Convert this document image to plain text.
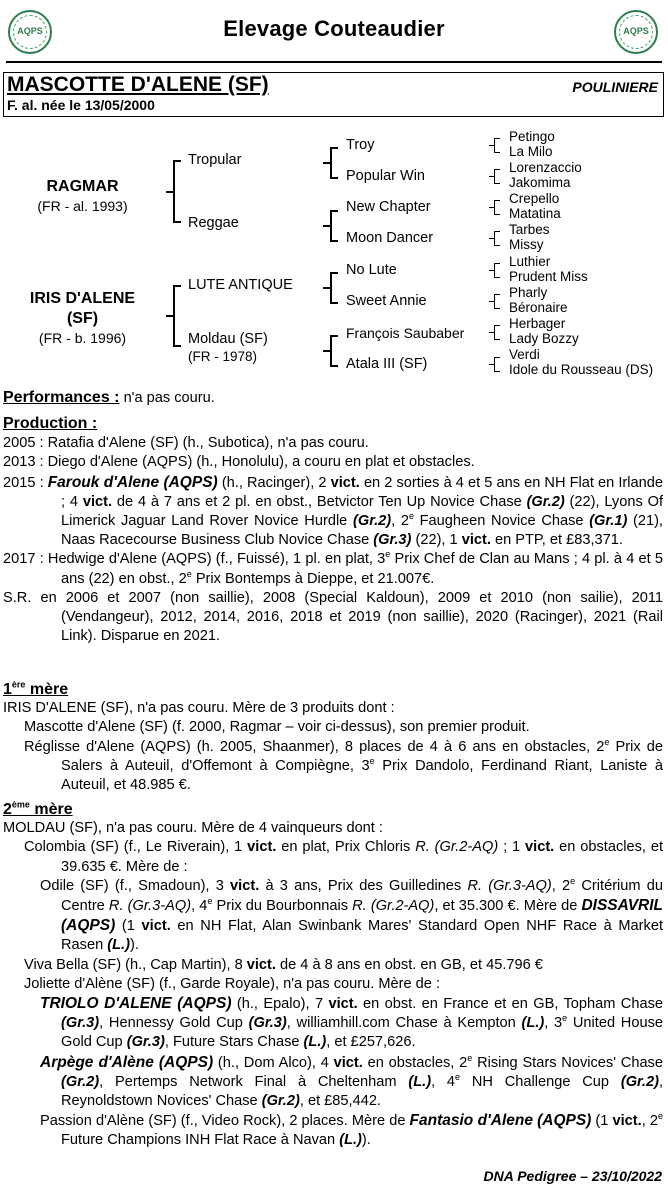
AQPS	AQPS
Elevage Couteaudier
MASCOTTE D'ALENE (SF)	POULINIERE
F. al. née le 13/05/2000
RAGMAR
(FR - al. 1993)
IRIS D'ALENE
(SF)
(FR - b. 1996)
Tropular
Reggae
LUTE ANTIQUE
Moldau (SF)
(FR - 1978)
Troy
Popular Win
New Chapter
Moon Dancer
No Lute
Sweet Annie
François Saubaber
Atala III (SF)
Petingo
La Milo
Lorenzaccio
Jakomima
Crepello
Matatina
Tarbes
Missy
Luthier
Prudent Miss
Pharly
Béronaire
Herbager
Lady Bozzy
Verdi
Idole du Rousseau (DS)
Performances : n'a pas couru.
Production :
2005 : Ratafia d'Alene (SF) (h., Subotica), n'a pas couru.
2013 : Diego d'Alene (AQPS) (h., Honolulu), a couru en plat et obstacles.
2015 : Farouk d'Alene (AQPS) (h., Racinger), 2 vict. en 2 sorties à 4 et 5 ans en NH Flat en Irlande ; 4 vict. de 4 à 7 ans et 2 pl. en obst., Betvictor Ten Up Novice Chase (Gr.2) (22), Lyons Of Limerick Jaguar Land Rover Novice Hurdle (Gr.2), 2e Faugheen Novice Chase (Gr.1) (21), Naas Racecourse Business Club Novice Chase (Gr.3) (22), 1 vict. en PTP, et £83,371.
2017 : Hedwige d'Alene (AQPS) (f., Fuissé), 1 pl. en plat, 3e Prix Chef de Clan au Mans ; 4 pl. à 4 et 5 ans (22) en obst., 2e Prix Bontemps à Dieppe, et 21.007€.
S.R. en 2006 et 2007 (non saillie), 2008 (Special Kaldoun), 2009 et 2010 (non sailie), 2011 (Vendangeur), 2012, 2014, 2016, 2018 et 2019 (non saillie), 2020 (Racinger), 2021 (Rail Link). Disparue en 2021.
1ère mère
IRIS D'ALENE (SF), n'a pas couru. Mère de 3 produits dont :
Mascotte d'Alene (SF) (f. 2000, Ragmar – voir ci-dessus), son premier produit.
Réglisse d'Alene (AQPS) (h. 2005, Shaanmer), 8 places de 4 à 6 ans en obstacles, 2e Prix de Salers à Auteuil, d'Offemont à Compiègne, 3e Prix Dandolo, Ferdinand Riant, Laniste à Auteuil, et 48.985 €.
2ème mère
MOLDAU (SF), n'a pas couru. Mère de 4 vainqueurs dont :
Colombia (SF) (f., Le Riverain), 1 vict. en plat, Prix Chloris R. (Gr.2-AQ) ; 1 vict. en obstacles, et 39.635 €. Mère de :
Odile (SF) (f., Smadoun), 3 vict. à 3 ans, Prix des Guilledines R. (Gr.3-AQ), 2e Critérium du Centre R. (Gr.3-AQ), 4e Prix du Bourbonnais R. (Gr.2-AQ), et 35.300 €. Mère de DISSAVRIL (AQPS) (1 vict. en NH Flat, Alan Swinbank Mares' Standard Open NHF Race à Market Rasen (L.)).
Viva Bella (SF) (h., Cap Martin), 8 vict. de 4 à 8 ans en obst. en GB, et 45.796 €
Joliette d'Alène (SF) (f., Garde Royale), n'a pas couru. Mère de :
TRIOLO D'ALENE (AQPS) (h., Epalo), 7 vict. en obst. en France et en GB, Topham Chase (Gr.3), Hennessy Gold Cup (Gr.3), williamhill.com Chase à Kempton (L.), 3e United House Gold Cup (Gr.3), Future Stars Chase (L.), et £257,626.
Arpège d'Alène (AQPS) (h., Dom Alco), 4 vict. en obstacles, 2e Rising Stars Novices' Chase (Gr.2), Pertemps Network Final à Cheltenham (L.), 4e NH Challenge Cup (Gr.2), Reynoldstown Novices' Chase (Gr.2), et £85,442.
Passion d'Alène (SF) (f., Video Rock), 2 places. Mère de Fantasio d'Alene (AQPS) (1 vict., 2e Future Champions INH Flat Race à Navan (L.)).
DNA Pedigree – 23/10/2022
